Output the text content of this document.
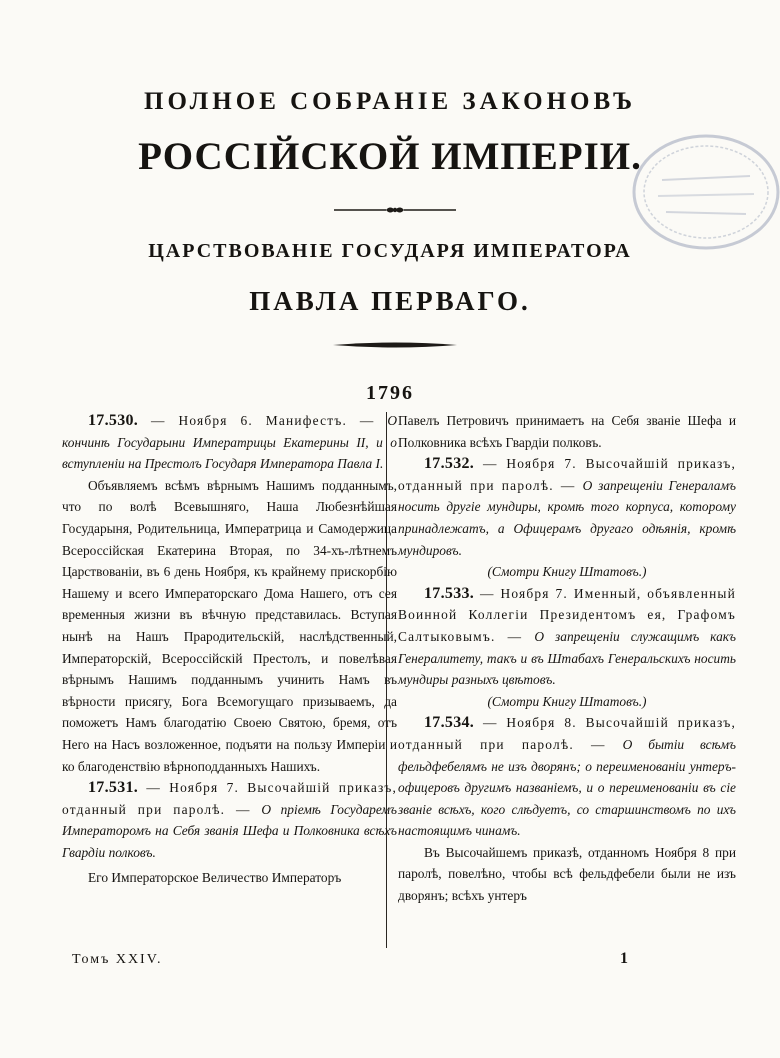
ПОЛНОЕ СОБРАНІЕ ЗАКОНОВЪ
РОССІЙСКОЙ ИМПЕРІИ.
ЦАРСТВОВАНІЕ ГОСУДАРЯ ИМПЕРАТОРА
ПАВЛА ПЕРВАГО.
1796

17.530. — Ноября 6. Манифестъ. — О кончинѣ Государыни Императрицы Екатерины II, и о вступленіи на Престолъ Государя Императора Павла I.

Объявляемъ всѣмъ вѣрнымъ Нашимъ подданнымъ, что по волѣ Всевышняго, Наша Любезнѣйшая Государыня, Родительница, Императрица и Самодержица Всероссійская Екатерина Вторая, по 34-хъ-лѣтнемъ Царствованіи, въ 6 день Ноября, къ крайнему прискорбію Нашему и всего Императорскаго Дома Нашего, отъ сея временныя жизни въ вѣчную представилась. Вступая нынѣ на Нашъ Прародительскій, наслѣдственный, Императорскій, Всероссійскій Престолъ, и повелѣвая вѣрнымъ Нашимъ подданнымъ учинить Намъ въ вѣрности присягу, Бога Всемогущаго призываемъ, да поможетъ Намъ благодатію Своею Святою, бремя, отъ Него на Насъ возложенное, подъяти на пользу Имперіи и ко благоденствію вѣрноподданныхъ Нашихъ.

17.531. — Ноября 7. Высочайшій приказъ, отданный при паролѣ. — О пріемѣ Государемъ Императоромъ на Себя званія Шефа и Полковника всѣхъ Гвардіи полковъ.

Его Императорское Величество Императоръ

Павелъ Петровичъ принимаетъ на Себя званіе Шефа и Полковника всѣхъ Гвардіи полковъ.

17.532. — Ноября 7. Высочайшій приказъ, отданный при паролѣ. — О запрещеніи Генераламъ носить другіе мундиры, кромѣ того корпуса, которому принадлежатъ, а Офицерамъ другаго одѣянія, кромѣ мундировъ.

(Смотри Книгу Штатовъ.)

17.533. — Ноября 7. Именный, объявленный Воинной Коллегіи Президентомъ ея, Графомъ Салтыковымъ. — О запрещеніи служащимъ какъ Генералитету, такъ и въ Штабахъ Генеральскихъ носить мундиры разныхъ цвѣтовъ.

(Смотри Книгу Штатовъ.)

17.534. — Ноября 8. Высочайшій приказъ, отданный при паролѣ. — О бытіи всѣмъ фельдфебелямъ не изъ дворянъ; о переименованіи унтеръ-офицеровъ другимъ названіемъ, и о переименованіи въ сіе званіе всѣхъ, кого слѣдуетъ, со старшинствомъ по ихъ настоящимъ чинамъ.

Въ Высочайшемъ приказѣ, отданномъ Ноября 8 при паролѣ, повелѣно, чтобы всѣ фельдфебели были не изъ дворянъ; всѣхъ унтеръ

Томъ XXIV.	1
